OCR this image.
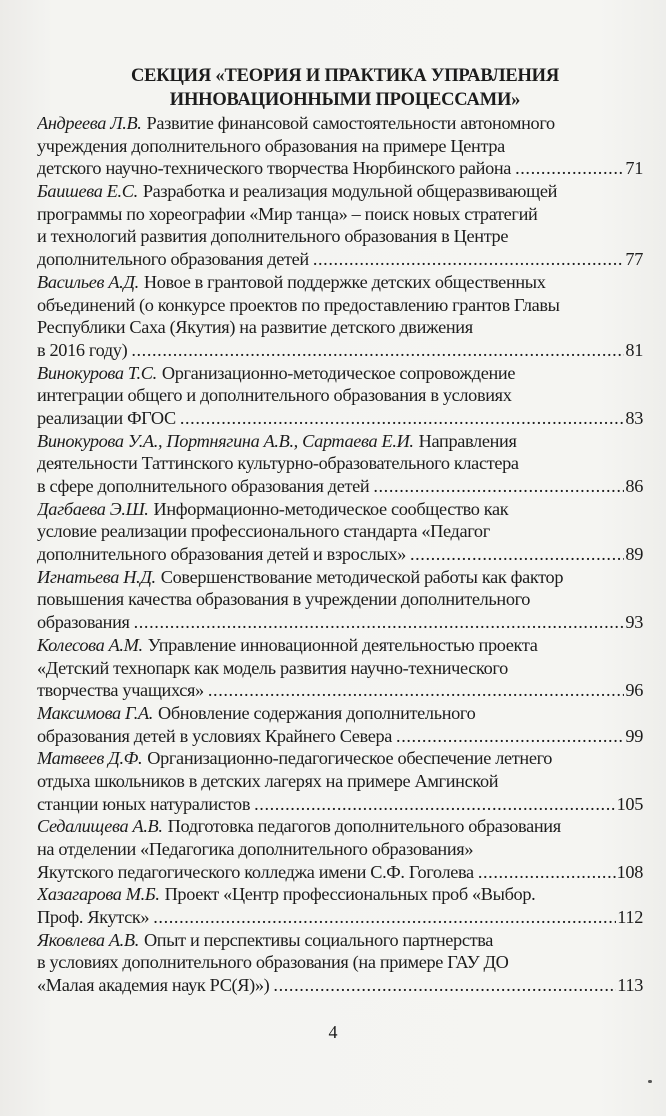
СЕКЦИЯ «ТЕОРИЯ И ПРАКТИКА УПРАВЛЕНИЯ
ИННОВАЦИОННЫМИ ПРОЦЕССАМИ»
Андреева Л.В. Развитие финансовой самостоятельности автономного
учреждения дополнительного образования на примере Центра
детского научно-технического творчества Нюрбинского района .....	71
Баишева Е.С. Разработка и реализация модульной общеразвивающей
программы по хореографии «Мир танца» – поиск новых стратегий
и технологий развития дополнительного образования в Центре
дополнительного образования детей .....	77
Васильев А.Д. Новое в грантовой поддержке детских общественных
объединений (о конкурсе проектов по предоставлению грантов Главы
Республики Саха (Якутия) на развитие детского движения
в 2016 году) .....	81
Винокурова Т.С. Организационно-методическое сопровождение
интеграции общего и дополнительного образования в условиях
реализации ФГОС .....	83
Винокурова У.А., Портнягина А.В., Сартаева Е.И. Направления
деятельности Таттинского культурно-образовательного кластера
в сфере дополнительного образования детей .....	86
Дагбаева Э.Ш. Информационно-методическое сообщество как
условие реализации профессионального стандарта «Педагог
дополнительного образования детей и взрослых» .....	89
Игнатьева Н.Д. Совершенствование методической работы как фактор
повышения качества образования в учреждении дополнительного
образования .....	93
Колесова А.М. Управление инновационной деятельностью проекта
«Детский технопарк как модель развития научно-технического
творчества учащихся» .....	96
Максимова Г.А. Обновление содержания дополнительного
образования детей в условиях Крайнего Севера .....	99
Матвеев Д.Ф. Организационно-педагогическое обеспечение летнего
отдыха школьников в детских лагерях на примере Амгинской
станции юных натуралистов .....	105
Седалищева А.В. Подготовка педагогов дополнительного образования
на отделении «Педагогика дополнительного образования»
Якутского педагогического колледжа имени С.Ф. Гоголева .....	108
Хазагарова М.Б. Проект «Центр профессиональных проб «Выбор.
Проф. Якутск» .....	112
Яковлева А.В. Опыт и перспективы социального партнерства
в условиях дополнительного образования (на примере ГАУ ДО
«Малая академия наук РС(Я)») .....	113
4
